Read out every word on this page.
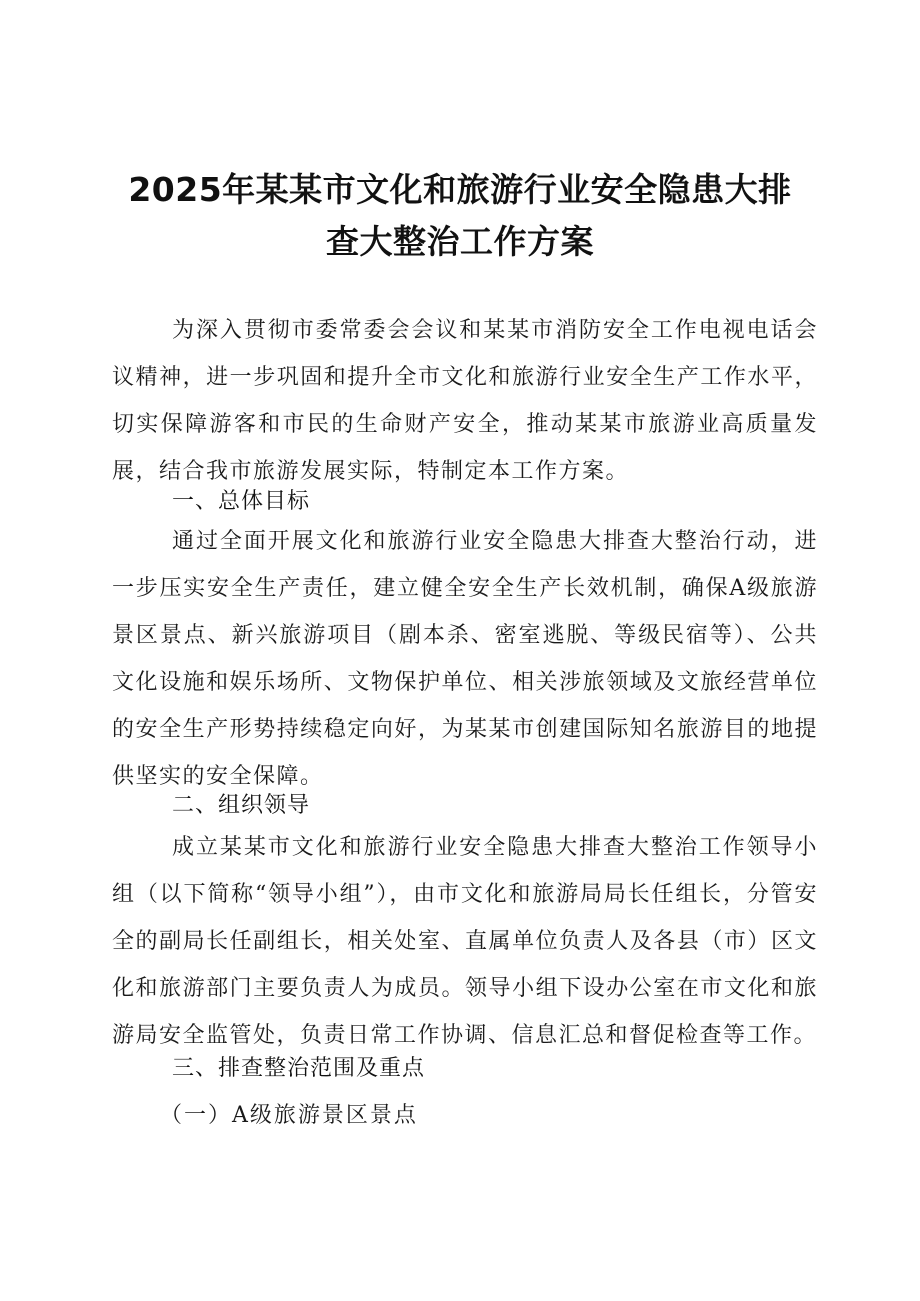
2025年某某市文化和旅游行业安全隐患大排
查大整治工作方案

为深入贯彻市委常委会会议和某某市消防安全工作电视电话会议精神，进一步巩固和提升全市文化和旅游行业安全生产工作水平，切实保障游客和市民的生命财产安全，推动某某市旅游业高质量发展，结合我市旅游发展实际，特制定本工作方案。

一、总体目标

通过全面开展文化和旅游行业安全隐患大排查大整治行动，进一步压实安全生产责任，建立健全安全生产长效机制，确保A级旅游景区景点、新兴旅游项目（剧本杀、密室逃脱、等级民宿等）、公共文化设施和娱乐场所、文物保护单位、相关涉旅领域及文旅经营单位的安全生产形势持续稳定向好，为某某市创建国际知名旅游目的地提供坚实的安全保障。

二、组织领导

成立某某市文化和旅游行业安全隐患大排查大整治工作领导小组（以下简称“领导小组”），由市文化和旅游局局长任组长，分管安全的副局长任副组长，相关处室、直属单位负责人及各县（市）区文化和旅游部门主要负责人为成员。领导小组下设办公室在市文化和旅游局安全监管处，负责日常工作协调、信息汇总和督促检查等工作。

三、排查整治范围及重点
（一）A级旅游景区景点
